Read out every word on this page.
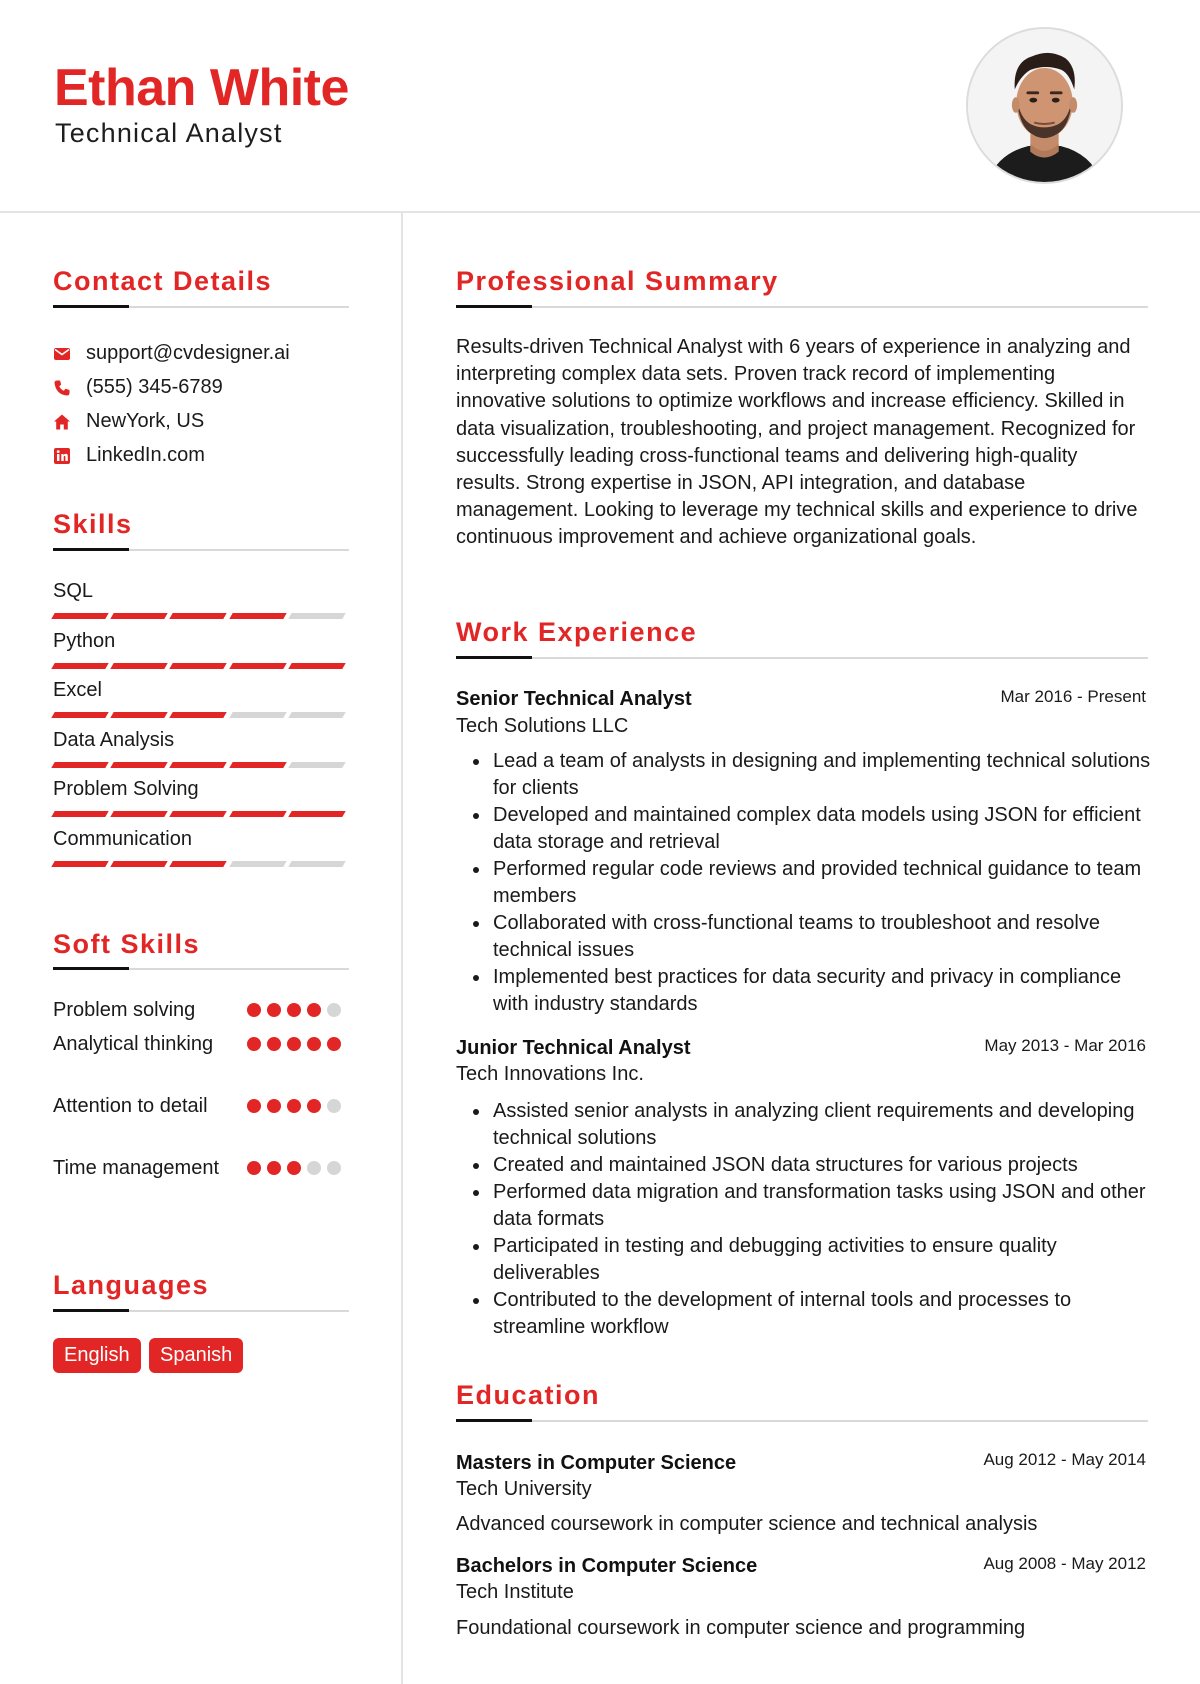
Ethan White
Technical Analyst
Contact Details
support@cvdesigner.ai
(555) 345-6789
NewYork, US
LinkedIn.com
Skills
SQL
Python
Excel
Data Analysis
Problem Solving
Communication
Soft Skills
Problem solving
Analytical thinking
Attention to detail
Time management
Languages
English	Spanish
Professional Summary
Results-driven Technical Analyst with 6 years of experience in analyzing and interpreting complex data sets. Proven track record of implementing innovative solutions to optimize workflows and increase efficiency. Skilled in data visualization, troubleshooting, and project management. Recognized for successfully leading cross-functional teams and delivering high-quality results. Strong expertise in JSON, API integration, and database management. Looking to leverage my technical skills and experience to drive continuous improvement and achieve organizational goals.
Work Experience
Senior Technical Analyst	Mar 2016 - Present
Tech Solutions LLC
Lead a team of analysts in designing and implementing technical solutions for clients
Developed and maintained complex data models using JSON for efficient data storage and retrieval
Performed regular code reviews and provided technical guidance to team members
Collaborated with cross-functional teams to troubleshoot and resolve technical issues
Implemented best practices for data security and privacy in compliance with industry standards
Junior Technical Analyst	May 2013 - Mar 2016
Tech Innovations Inc.
Assisted senior analysts in analyzing client requirements and developing technical solutions
Created and maintained JSON data structures for various projects
Performed data migration and transformation tasks using JSON and other data formats
Participated in testing and debugging activities to ensure quality deliverables
Contributed to the development of internal tools and processes to streamline workflow
Education
Masters in Computer Science	Aug 2012 - May 2014
Tech University
Advanced coursework in computer science and technical analysis
Bachelors in Computer Science	Aug 2008 - May 2012
Tech Institute
Foundational coursework in computer science and programming
